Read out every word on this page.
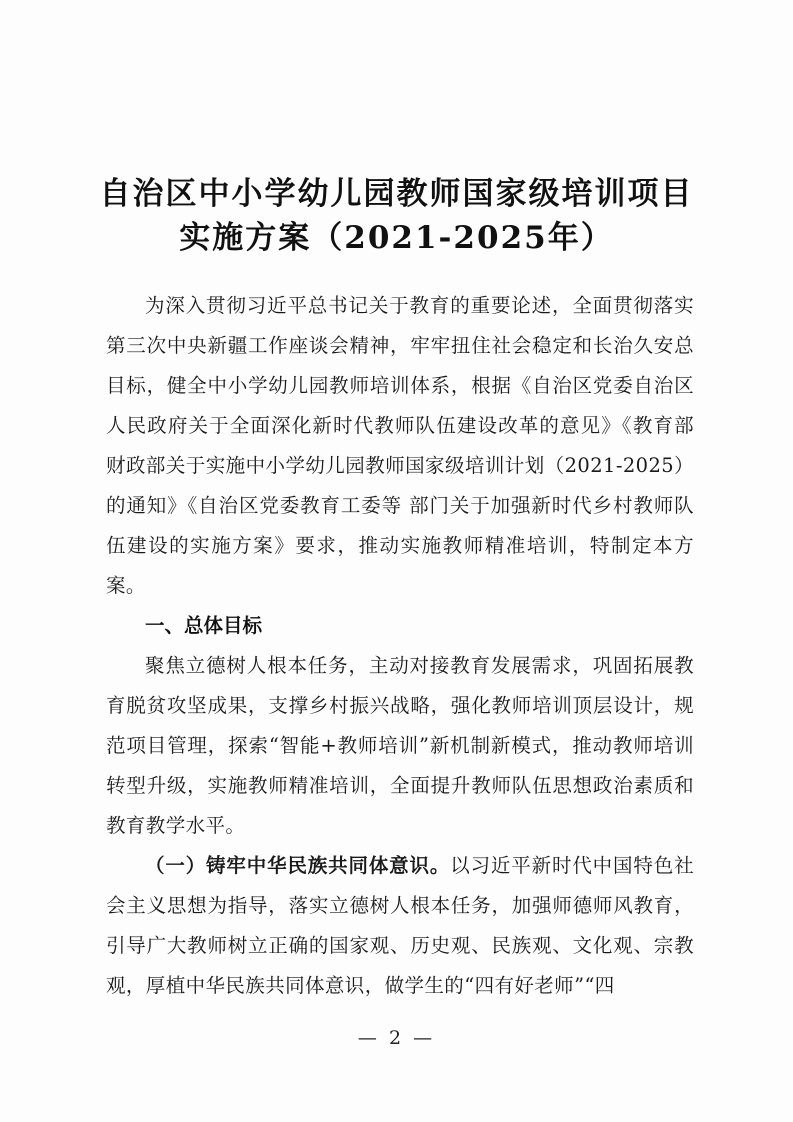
自治区中小学幼儿园教师国家级培训项目
实施方案（2021-2025年）

为深入贯彻习近平总书记关于教育的重要论述，全面贯彻落实第三次中央新疆工作座谈会精神，牢牢扭住社会稳定和长治久安总目标，健全中小学幼儿园教师培训体系，根据《自治区党委自治区人民政府关于全面深化新时代教师队伍建设改革的意见》《教育部 财政部关于实施中小学幼儿园教师国家级培训计划（2021-2025）的通知》《自治区党委教育工委等 部门关于加强新时代乡村教师队伍建设的实施方案》要求，推动实施教师精准培训，特制定本方案。

一、总体目标

聚焦立德树人根本任务，主动对接教育发展需求，巩固拓展教育脱贫攻坚成果，支撑乡村振兴战略，强化教师培训顶层设计，规范项目管理，探索“智能+教师培训”新机制新模式，推动教师培训转型升级，实施教师精准培训，全面提升教师队伍思想政治素质和教育教学水平。

（一）铸牢中华民族共同体意识。以习近平新时代中国特色社会主义思想为指导，落实立德树人根本任务，加强师德师风教育，引导广大教师树立正确的国家观、历史观、民族观、文化观、宗教观，厚植中华民族共同体意识，做学生的“四有好老师”“四

— 2 —
